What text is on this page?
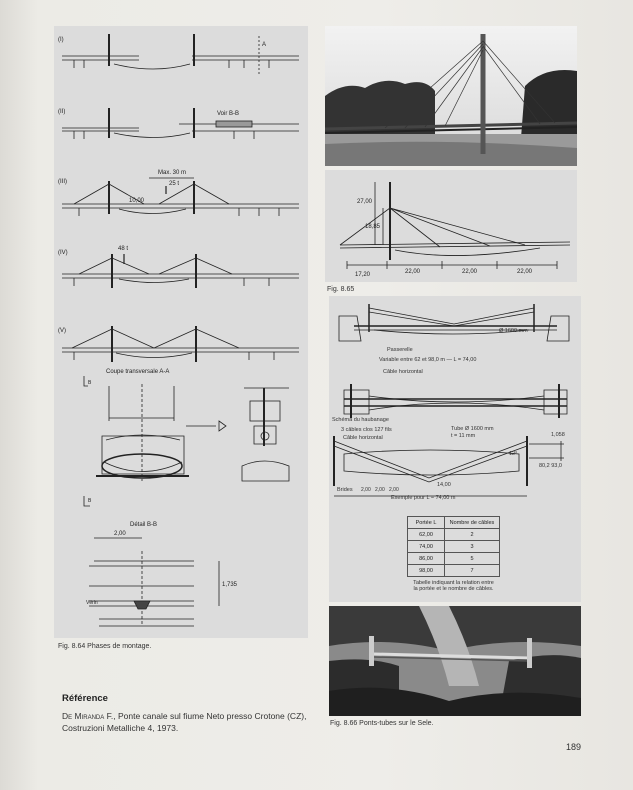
(I)
A
(II)	Voir B-B
(III)
Max. 30 m
25 t
10,00
(IV)
48 t
(V)
Coupe transversale A-A
B
B
Détail B-B
2,00
1,735
Vérin
Fig. 8.64 Phases de montage.
27,00
18,85
17,20	22,00	22,00	22,00
Fig. 8.65
Ø 1600 mm
Passerelle
Variable entre 62 et 98,0 m — L = 74,00
Câble horizontal
Schéma du haubanage
3 câbles clos 127 fils
Câble horizontal
Tube Ø 1600 mm
t = 11 mm
12°
1,058
80,2 93,0
14,00
Brides 2,00 2,00 2,00
Exemple pour L = 74,00 m
Portée L	Nombre de câbles
62,00	2
74,00	3
86,00	5
98,00	7
Tabelle indiquant la relation entre
la portée et le nombre de câbles.
Fig. 8.66 Ponts-tubes sur le Sele.
Référence
De Miranda F., Ponte canale sul fiume Neto presso Crotone (CZ), Costruzioni Metalliche 4, 1973.
189
